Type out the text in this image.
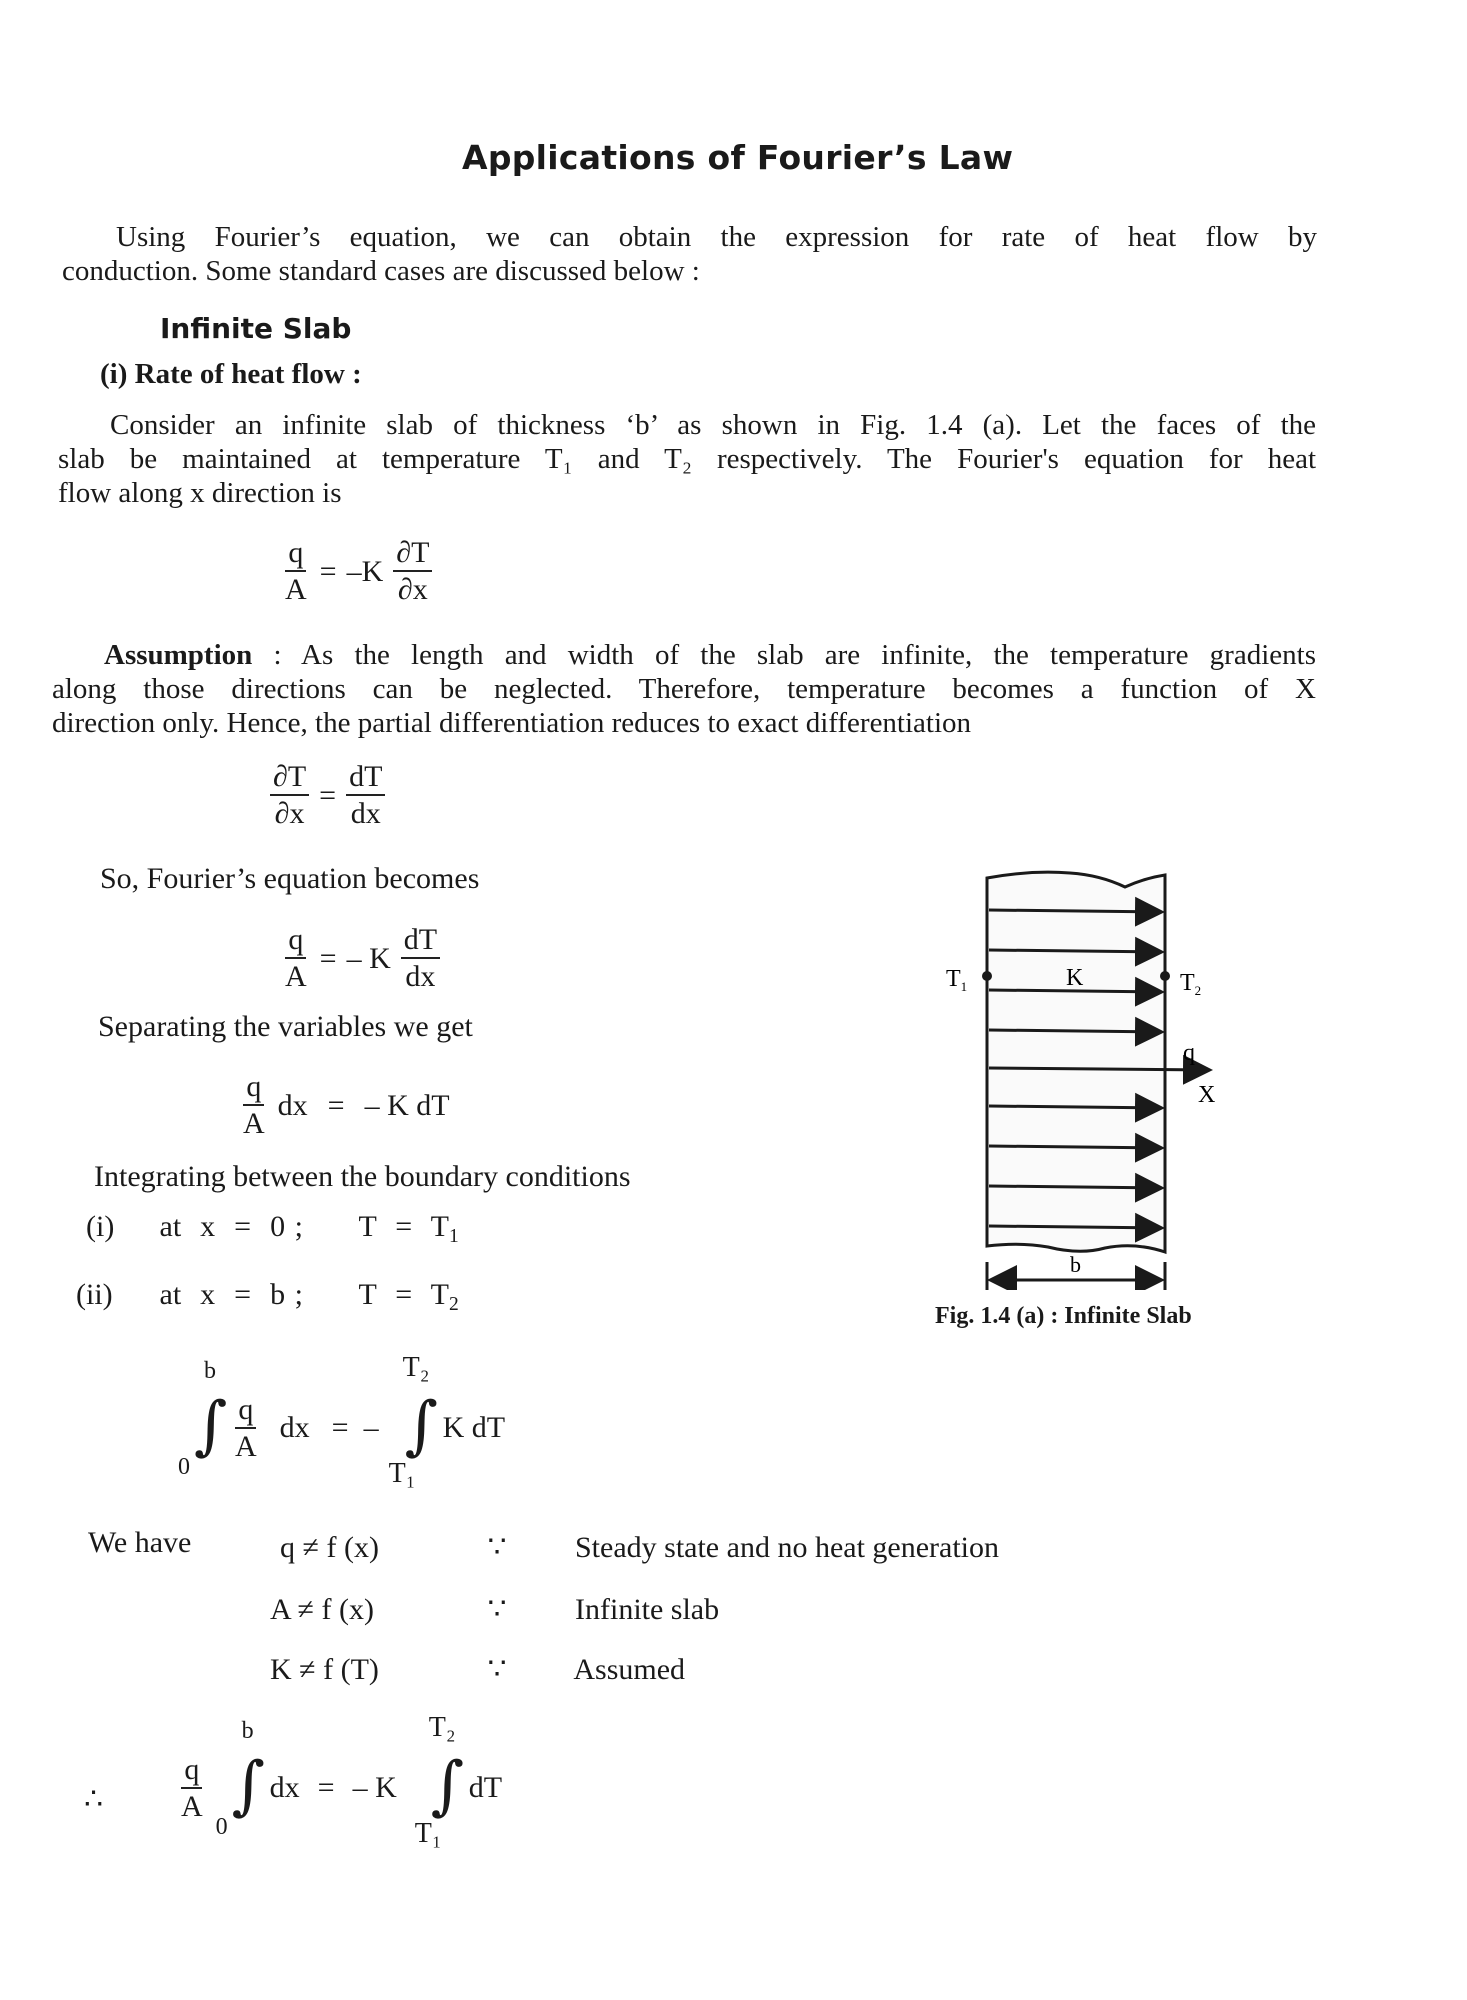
Applications of Fourier’s Law
Using Fourier’s equation, we can obtain the expression for rate of heat flow by
conduction. Some standard cases are discussed below :
Infinite Slab
(i) Rate of heat flow :
Consider an infinite slab of thickness ‘b’ as shown in Fig. 1.4 (a). Let the faces of the
slab be maintained at temperature T₁ and T₂ respectively. The Fourier's equation for heat
flow along x direction is
$\frac{q}{A} = -K \frac{\partial T}{\partial x}$
Assumption : As the length and width of the slab are infinite, the temperature gradients
along those directions can be neglected. Therefore, temperature becomes a function of X
direction only. Hence, the partial differentiation reduces to exact differentiation
$\frac{\partial T}{\partial x} = \frac{dT}{dx}$
So, Fourier’s equation becomes
$\frac{q}{A}$ = – K $\frac{dT}{dx}$
Separating the variables we get
$\frac{q}{A}$ dx = – K dT
Integrating between the boundary conditions
(i) at  x  =  0 ; $T = T_1$
(ii) at  x  =  b ; $T = T_2$
b
∫
0
$\frac{q}{A}$ dx =  –
T₂
∫
T₁
K dT
We have	q ≠ f (x)	∵ Steady state and no heat generation
A ≠ f (x)	∵ Infinite slab
K ≠ f (T)	∵ Assumed
∴ $\frac{q}{A}$
b
∫
0
dx = – K
T₂
∫
T₁
dT
$T_1$	$T_2$
K
q
X
b
Fig. 1.4 (a) : Infinite Slab
